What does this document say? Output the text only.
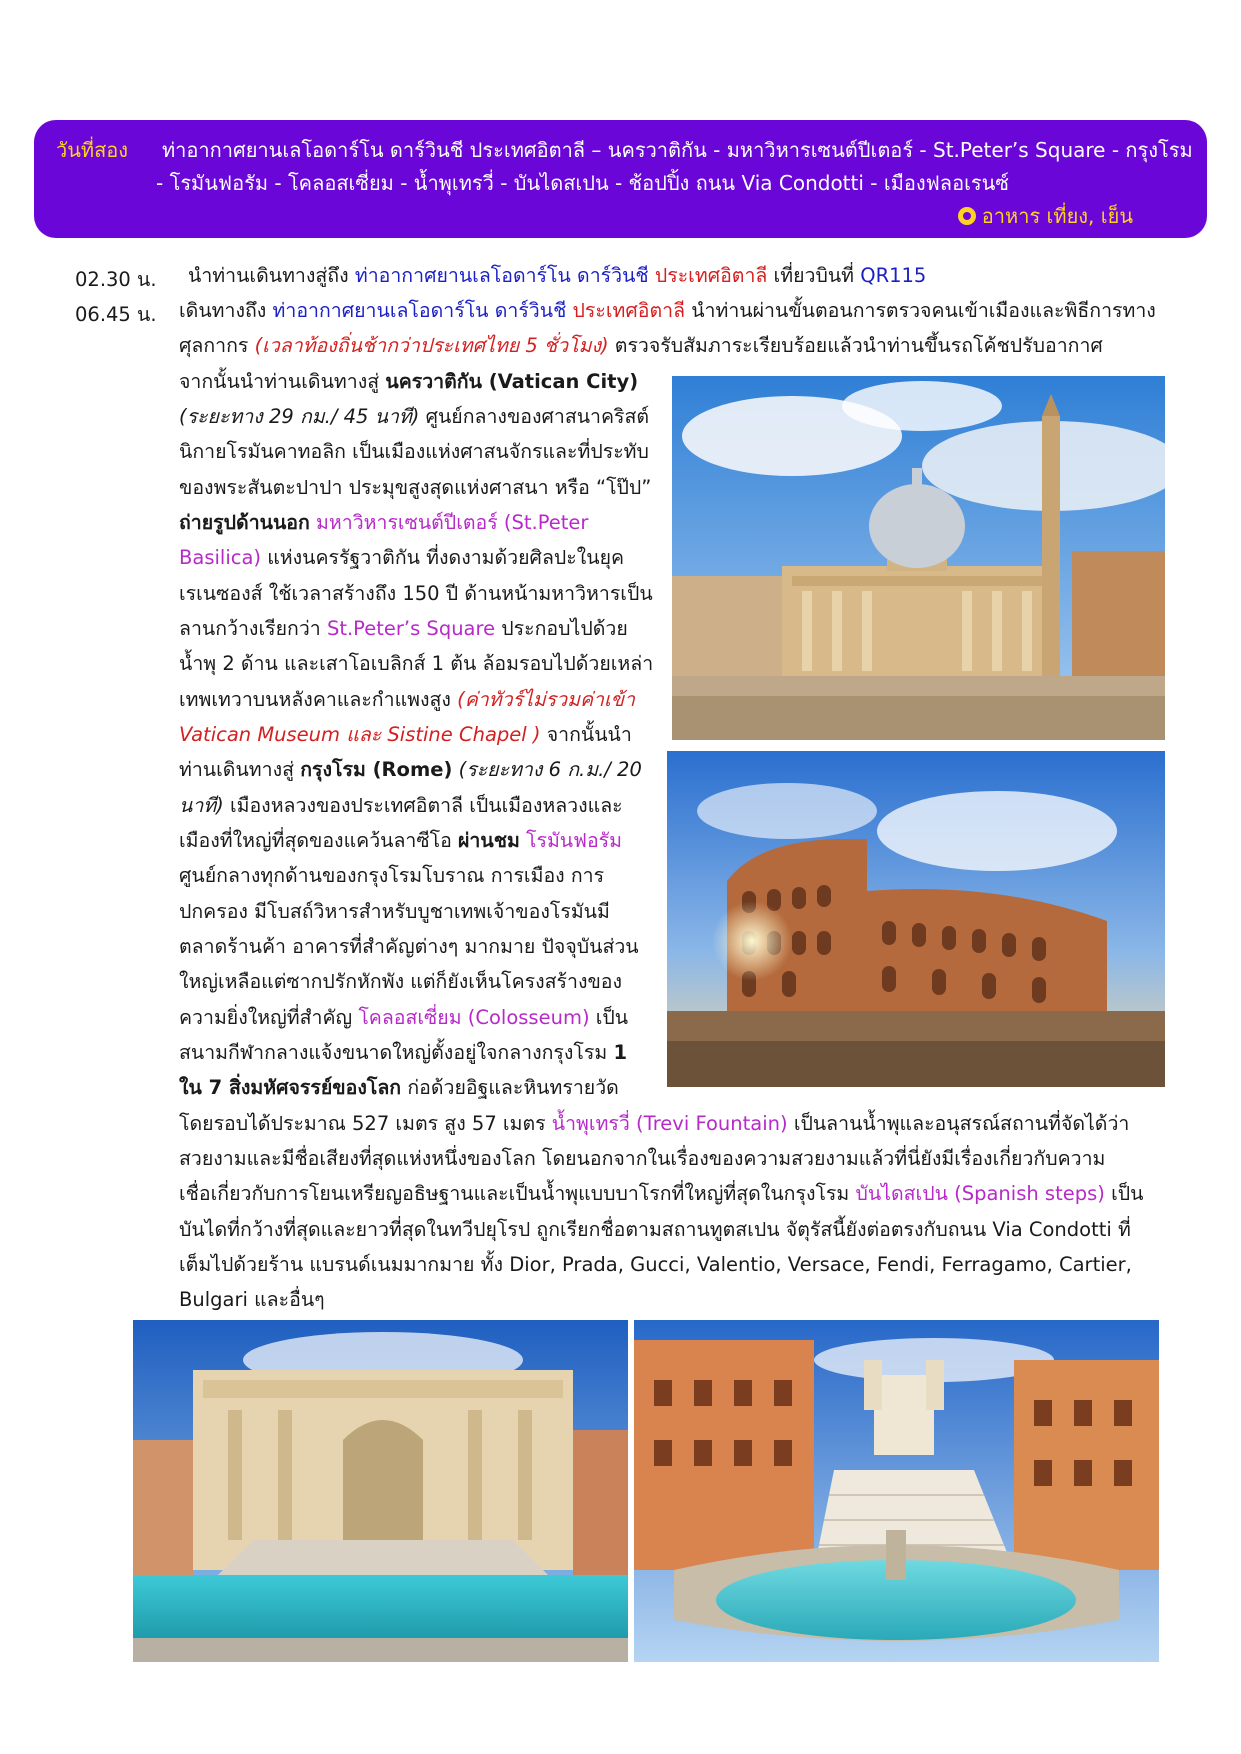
วันที่สอง ท่าอากาศยานเลโอดาร์โน ดาร์วินชี ประเทศอิตาลี – นครวาติกัน - มหาวิหารเซนต์ปีเตอร์ - St.Peter’s Square - กรุงโรม
- โรมันฟอรัม - โคลอสเซี่ยม - น้ำพุเทรวี่ - บันไดสเปน - ช้อปปิ้ง ถนน Via Condotti - เมืองฟลอเรนซ์
อาหาร เที่ยง, เย็น
02.30 น. นำท่านเดินทางสู่ถึง ท่าอากาศยานเลโอดาร์โน ดาร์วินชี ประเทศอิตาลี เที่ยวบินที่ QR115
06.45 น. เดินทางถึง ท่าอากาศยานเลโอดาร์โน ดาร์วินชี ประเทศอิตาลี นำท่านผ่านขั้นตอนการตรวจคนเข้าเมืองและพิธีการทาง
ศุลกากร (เวลาท้องถิ่นช้ากว่าประเทศไทย 5 ชั่วโมง) ตรวจรับสัมภาระเรียบร้อยแล้วนำท่านขึ้นรถโค้ชปรับอากาศ
จากนั้นนำท่านเดินทางสู่ นครวาติกัน (Vatican City)
(ระยะทาง 29 กม./ 45 นาที) ศูนย์กลางของศาสนาคริสต์
นิกายโรมันคาทอลิก เป็นเมืองแห่งศาสนจักรและที่ประทับ
ของพระสันตะปาปา ประมุขสูงสุดแห่งศาสนา หรือ “โป๊ป”
ถ่ายรูปด้านนอก มหาวิหารเซนต์ปีเตอร์ (St.Peter
Basilica) แห่งนครรัฐวาติกัน ที่งดงามด้วยศิลปะในยุค
เรเนซองส์ ใช้เวลาสร้างถึง 150 ปี ด้านหน้ามหาวิหารเป็น
ลานกว้างเรียกว่า St.Peter’s Square ประกอบไปด้วย
น้ำพุ 2 ด้าน และเสาโอเบลิกส์ 1 ต้น ล้อมรอบไปด้วยเหล่า
เทพเทวาบนหลังคาและกำแพงสูง (ค่าทัวร์ไม่รวมค่าเข้า
Vatican Museum และ Sistine Chapel ) จากนั้นนำ
ท่านเดินทางสู่ กรุงโรม (Rome) (ระยะทาง 6 ก.ม./ 20
นาที) เมืองหลวงของประเทศอิตาลี เป็นเมืองหลวงและ
เมืองที่ใหญ่ที่สุดของแคว้นลาซีโอ ผ่านชม โรมันฟอรัม
ศูนย์กลางทุกด้านของกรุงโรมโบราณ การเมือง การ
ปกครอง มีโบสถ์วิหารสำหรับบูชาเทพเจ้าของโรมันมี
ตลาดร้านค้า อาคารที่สำคัญต่างๆ มากมาย ปัจจุบันส่วน
ใหญ่เหลือแต่ซากปรักหักพัง แต่ก็ยังเห็นโครงสร้างของ
ความยิ่งใหญ่ที่สำคัญ โคลอสเซี่ยม (Colosseum) เป็น
สนามกีฬากลางแจ้งขนาดใหญ่ตั้งอยู่ใจกลางกรุงโรม 1
ใน 7 สิ่งมหัศจรรย์ของโลก ก่อด้วยอิฐและหินทรายวัด
โดยรอบได้ประมาณ 527 เมตร สูง 57 เมตร น้ำพุเทรวี่ (Trevi Fountain) เป็นลานน้ำพุและอนุสรณ์สถานที่จัดได้ว่า
สวยงามและมีชื่อเสียงที่สุดแห่งหนึ่งของโลก โดยนอกจากในเรื่องของความสวยงามแล้วที่นี่ยังมีเรื่องเกี่ยวกับความ
เชื่อเกี่ยวกับการโยนเหรียญอธิษฐานและเป็นน้ำพุแบบบาโรกที่ใหญ่ที่สุดในกรุงโรม บันไดสเปน (Spanish steps) เป็น
บันไดที่กว้างที่สุดและยาวที่สุดในทวีปยุโรป ถูกเรียกชื่อตามสถานทูตสเปน จัตุรัสนี้ยังต่อตรงกับถนน Via Condotti ที่
เต็มไปด้วยร้าน แบรนด์เนมมากมาย ทั้ง Dior, Prada, Gucci, Valentio, Versace, Fendi, Ferragamo, Cartier,
Bulgari และอื่นๆ
